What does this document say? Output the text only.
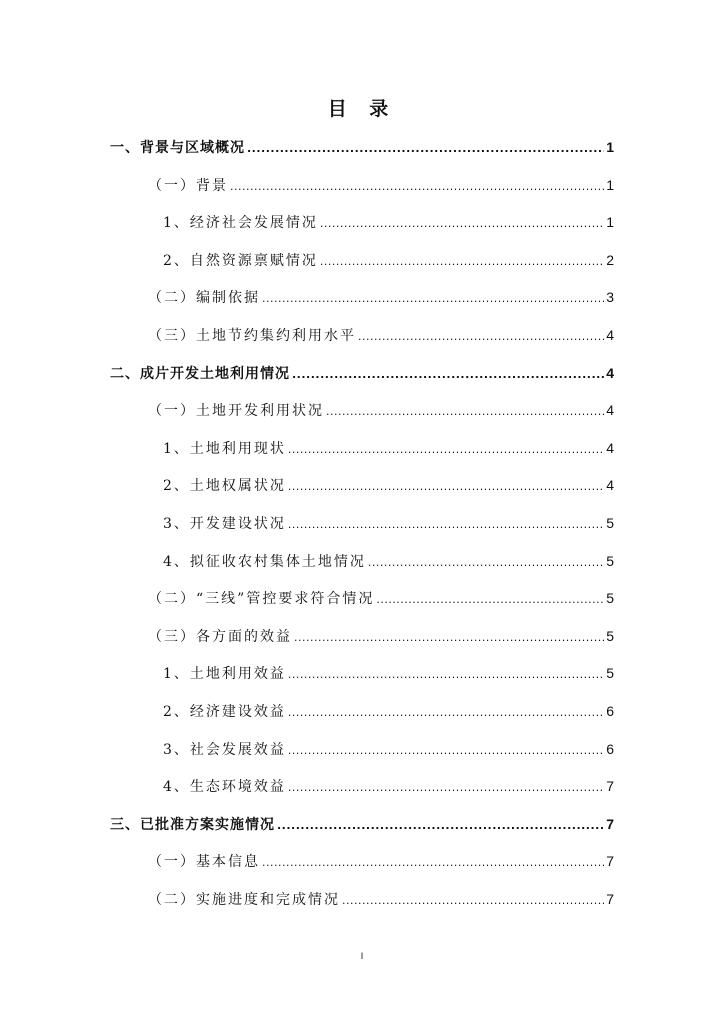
目 录
一、背景与区域概况 .....	1
（一）背景 .....	1
1、经济社会发展情况 .....	1
2、自然资源禀赋情况 .....	2
（二）编制依据 .....	3
（三）土地节约集约利用水平 .....	4
二、成片开发土地利用情况 .....	4
（一）土地开发利用状况 .....	4
1、土地利用现状 .....	4
2、土地权属状况 .....	4
3、开发建设状况 .....	5
4、拟征收农村集体土地情况 .....	5
（二）“三线”管控要求符合情况 .....	5
（三）各方面的效益 .....	5
1、土地利用效益 .....	5
2、经济建设效益 .....	6
3、社会发展效益 .....	6
4、生态环境效益 .....	7
三、已批准方案实施情况 .....	7
（一）基本信息 .....	7
（二）实施进度和完成情况 .....	7
I
